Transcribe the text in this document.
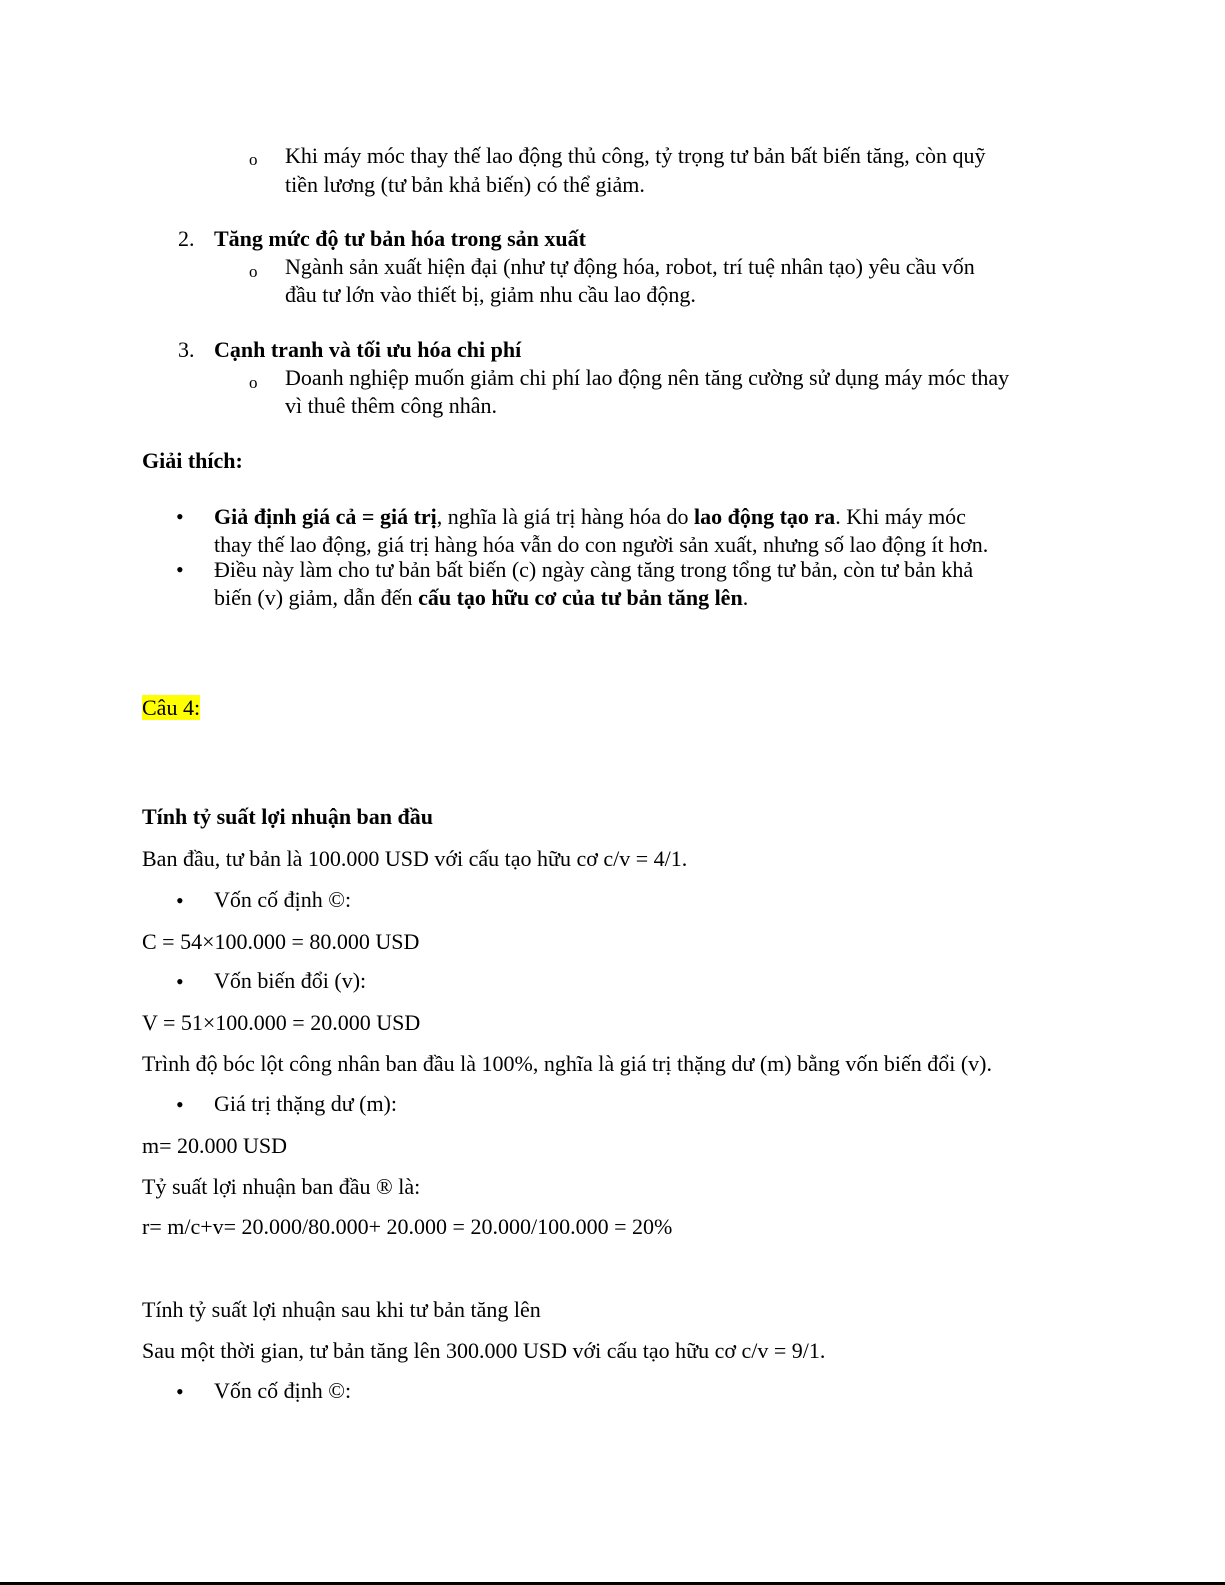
o Khi máy móc thay thế lao động thủ công, tỷ trọng tư bản bất biến tăng, còn quỹ
tiền lương (tư bản khả biến) có thể giảm.
2. Tăng mức độ tư bản hóa trong sản xuất
o Ngành sản xuất hiện đại (như tự động hóa, robot, trí tuệ nhân tạo) yêu cầu vốn
đầu tư lớn vào thiết bị, giảm nhu cầu lao động.
3. Cạnh tranh và tối ưu hóa chi phí
o Doanh nghiệp muốn giảm chi phí lao động nên tăng cường sử dụng máy móc thay
vì thuê thêm công nhân.
Giải thích:
• Giả định giá cả = giá trị, nghĩa là giá trị hàng hóa do lao động tạo ra. Khi máy móc
thay thế lao động, giá trị hàng hóa vẫn do con người sản xuất, nhưng số lao động ít hơn.
• Điều này làm cho tư bản bất biến (c) ngày càng tăng trong tổng tư bản, còn tư bản khả
biến (v) giảm, dẫn đến cấu tạo hữu cơ của tư bản tăng lên.
Câu 4:
Tính tỷ suất lợi nhuận ban đầu
Ban đầu, tư bản là 100.000 USD với cấu tạo hữu cơ c/v = 4/1.
• Vốn cố định ©:
C = 54×100.000 = 80.000 USD
• Vốn biến đổi (v):
V = 51×100.000 = 20.000 USD
Trình độ bóc lột công nhân ban đầu là 100%, nghĩa là giá trị thặng dư (m) bằng vốn biến đổi (v).
• Giá trị thặng dư (m):
m= 20.000 USD
Tỷ suất lợi nhuận ban đầu ® là:
r= m/c+v= 20.000/80.000+ 20.000 = 20.000/100.000 = 20%
Tính tỷ suất lợi nhuận sau khi tư bản tăng lên
Sau một thời gian, tư bản tăng lên 300.000 USD với cấu tạo hữu cơ c/v = 9/1.
• Vốn cố định ©:
